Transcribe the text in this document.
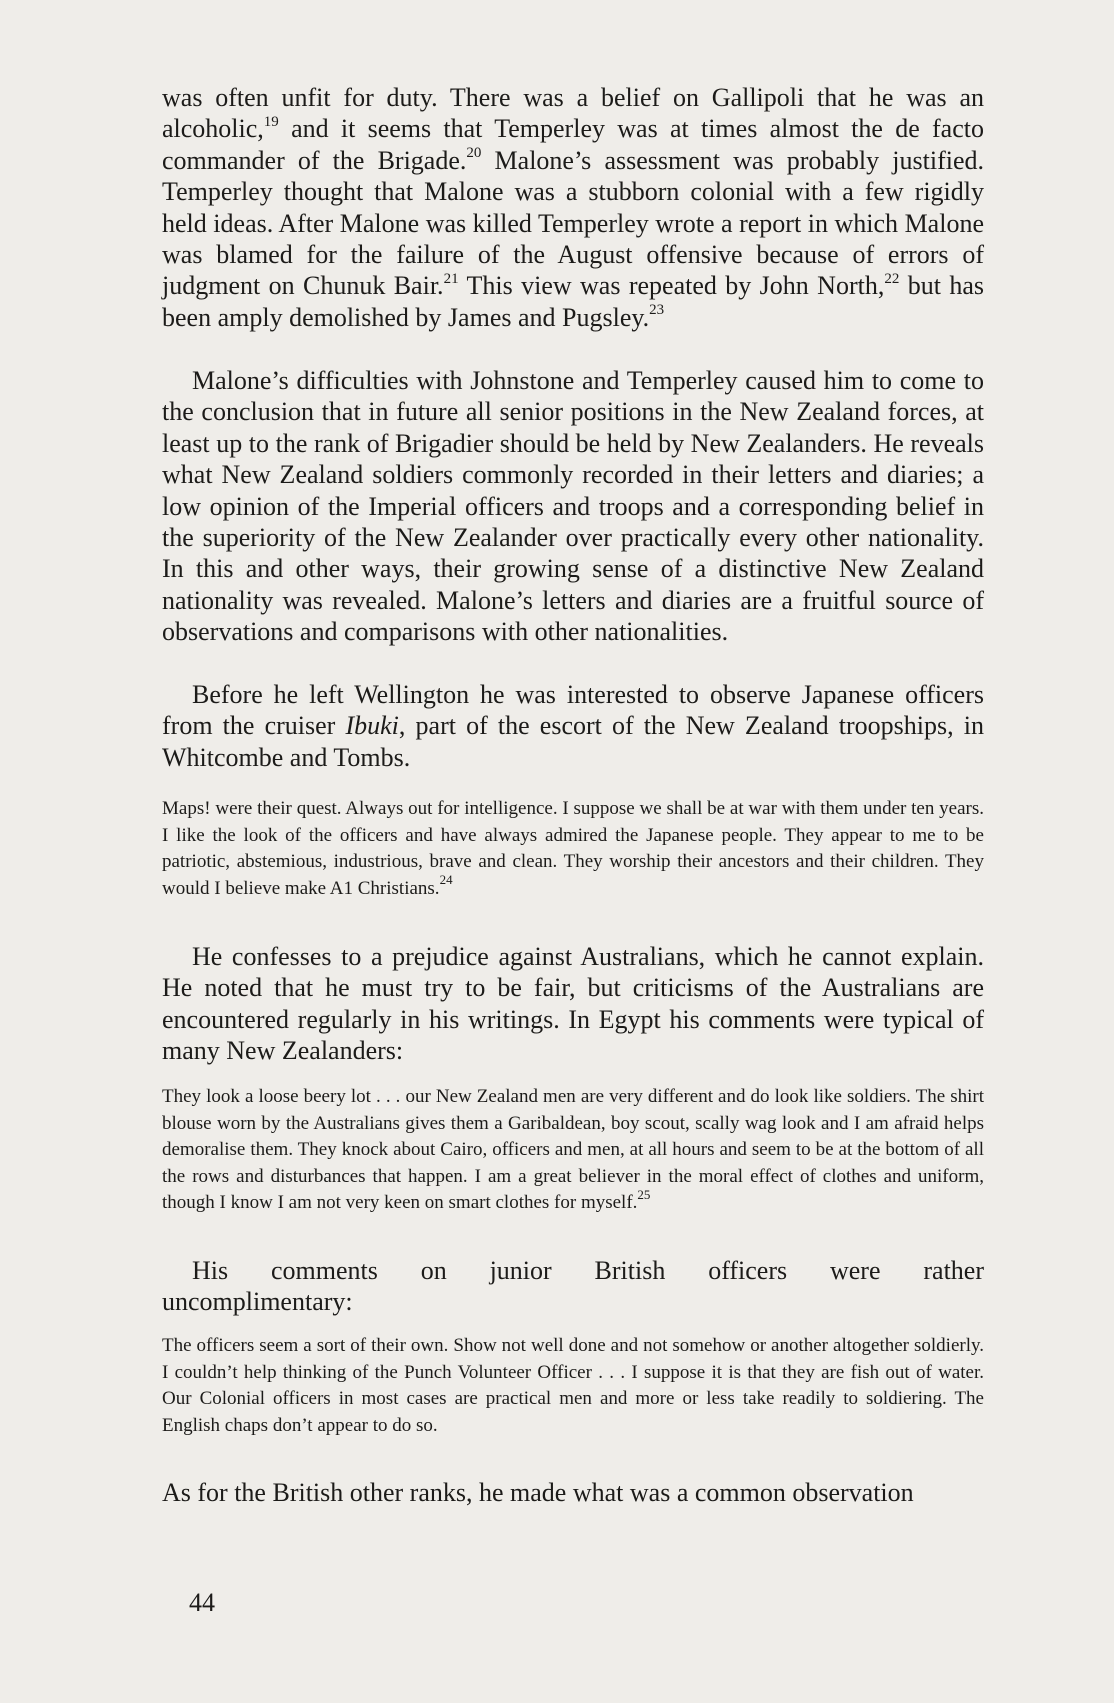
was often unfit for duty. There was a belief on Gallipoli that he was an alcoholic,$^{19}$ and it seems that Temperley was at times almost the de facto commander of the Brigade.$^{20}$ Malone’s assessment was probably justified. Temperley thought that Malone was a stubborn colonial with a few rigidly held ideas. After Malone was killed Temperley wrote a report in which Malone was blamed for the failure of the August offensive because of errors of judgment on Chunuk Bair.$^{21}$ This view was repeated by John North,$^{22}$ but has been amply demolished by James and Pugsley.$^{23}$

Malone’s difficulties with Johnstone and Temperley caused him to come to the conclusion that in future all senior positions in the New Zealand forces, at least up to the rank of Brigadier should be held by New Zealanders. He reveals what New Zealand soldiers commonly recorded in their letters and diaries; a low opinion of the Imperial officers and troops and a corresponding belief in the superiority of the New Zealander over practically every other nationality. In this and other ways, their growing sense of a distinctive New Zealand nationality was revealed. Malone’s letters and diaries are a fruitful source of observations and comparisons with other nationalities.

Before he left Wellington he was interested to observe Japanese officers from the cruiser Ibuki, part of the escort of the New Zealand troopships, in Whitcombe and Tombs.

Maps! were their quest. Always out for intelligence. I suppose we shall be at war with them under ten years. I like the look of the officers and have always admired the Japanese people. They appear to me to be patriotic, abstemious, industrious, brave and clean. They worship their ancestors and their children. They would I believe make A1 Christians.$^{24}$

He confesses to a prejudice against Australians, which he cannot explain. He noted that he must try to be fair, but criticisms of the Australians are encountered regularly in his writings. In Egypt his comments were typical of many New Zealanders:

They look a loose beery lot . . . our New Zealand men are very different and do look like soldiers. The shirt blouse worn by the Australians gives them a Garibaldean, boy scout, scally wag look and I am afraid helps demoralise them. They knock about Cairo, officers and men, at all hours and seem to be at the bottom of all the rows and disturbances that happen. I am a great believer in the moral effect of clothes and uniform, though I know I am not very keen on smart clothes for myself.$^{25}$

His comments on junior British officers were rather uncomplimentary:

The officers seem a sort of their own. Show not well done and not somehow or another altogether soldierly. I couldn’t help thinking of the Punch Volunteer Officer . . . I suppose it is that they are fish out of water. Our Colonial officers in most cases are practical men and more or less take readily to soldiering. The English chaps don’t appear to do so.

As for the British other ranks, he made what was a common observation

44
